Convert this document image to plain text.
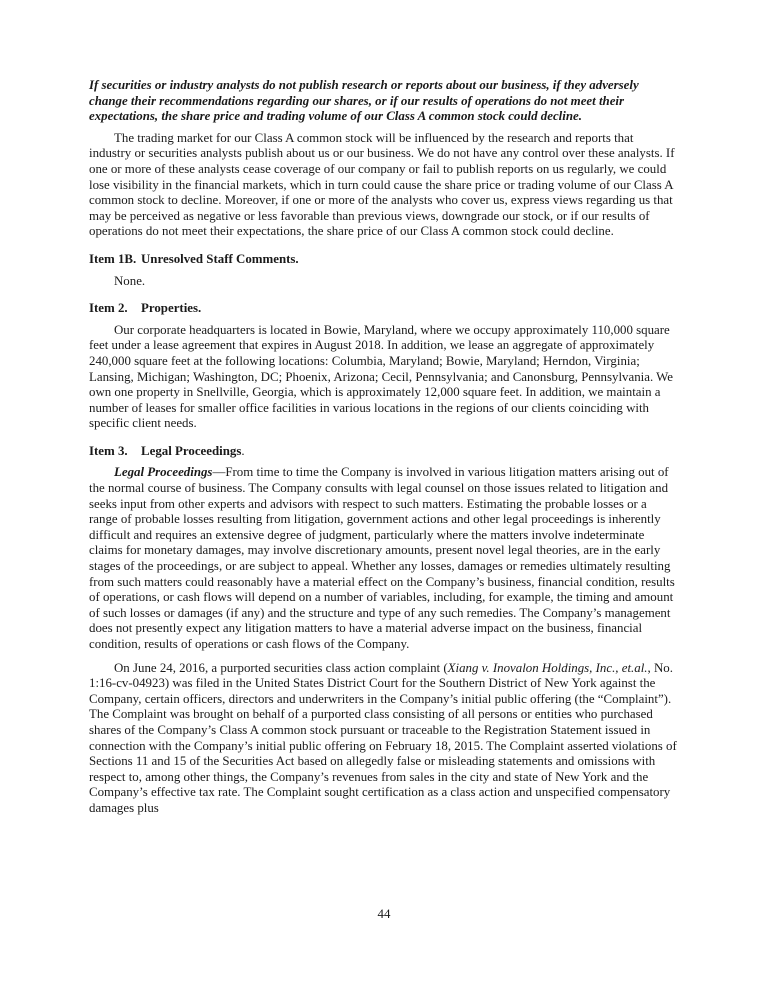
If securities or industry analysts do not publish research or reports about our business, if they adversely change their recommendations regarding our shares, or if our results of operations do not meet their expectations, the share price and trading volume of our Class A common stock could decline.

The trading market for our Class A common stock will be influenced by the research and reports that industry or securities analysts publish about us or our business. We do not have any control over these analysts. If one or more of these analysts cease coverage of our company or fail to publish reports on us regularly, we could lose visibility in the financial markets, which in turn could cause the share price or trading volume of our Class A common stock to decline. Moreover, if one or more of the analysts who cover us, express views regarding us that may be perceived as negative or less favorable than previous views, downgrade our stock, or if our results of operations do not meet their expectations, the share price of our Class A common stock could decline.

Item 1B. Unresolved Staff Comments.

None.

Item 2. Properties.

Our corporate headquarters is located in Bowie, Maryland, where we occupy approximately 110,000 square feet under a lease agreement that expires in August 2018. In addition, we lease an aggregate of approximately 240,000 square feet at the following locations: Columbia, Maryland; Bowie, Maryland; Herndon, Virginia; Lansing, Michigan; Washington, DC; Phoenix, Arizona; Cecil, Pennsylvania; and Canonsburg, Pennsylvania. We own one property in Snellville, Georgia, which is approximately 12,000 square feet. In addition, we maintain a number of leases for smaller office facilities in various locations in the regions of our clients coinciding with specific client needs.

Item 3. Legal Proceedings.

Legal Proceedings—From time to time the Company is involved in various litigation matters arising out of the normal course of business. The Company consults with legal counsel on those issues related to litigation and seeks input from other experts and advisors with respect to such matters. Estimating the probable losses or a range of probable losses resulting from litigation, government actions and other legal proceedings is inherently difficult and requires an extensive degree of judgment, particularly where the matters involve indeterminate claims for monetary damages, may involve discretionary amounts, present novel legal theories, are in the early stages of the proceedings, or are subject to appeal. Whether any losses, damages or remedies ultimately resulting from such matters could reasonably have a material effect on the Company’s business, financial condition, results of operations, or cash flows will depend on a number of variables, including, for example, the timing and amount of such losses or damages (if any) and the structure and type of any such remedies. The Company’s management does not presently expect any litigation matters to have a material adverse impact on the business, financial condition, results of operations or cash flows of the Company.

On June 24, 2016, a purported securities class action complaint (Xiang v. Inovalon Holdings, Inc., et.al., No. 1:16-cv-04923) was filed in the United States District Court for the Southern District of New York against the Company, certain officers, directors and underwriters in the Company’s initial public offering (the “Complaint”). The Complaint was brought on behalf of a purported class consisting of all persons or entities who purchased shares of the Company’s Class A common stock pursuant or traceable to the Registration Statement issued in connection with the Company’s initial public offering on February 18, 2015. The Complaint asserted violations of Sections 11 and 15 of the Securities Act based on allegedly false or misleading statements and omissions with respect to, among other things, the Company’s revenues from sales in the city and state of New York and the Company’s effective tax rate. The Complaint sought certification as a class action and unspecified compensatory damages plus

44
